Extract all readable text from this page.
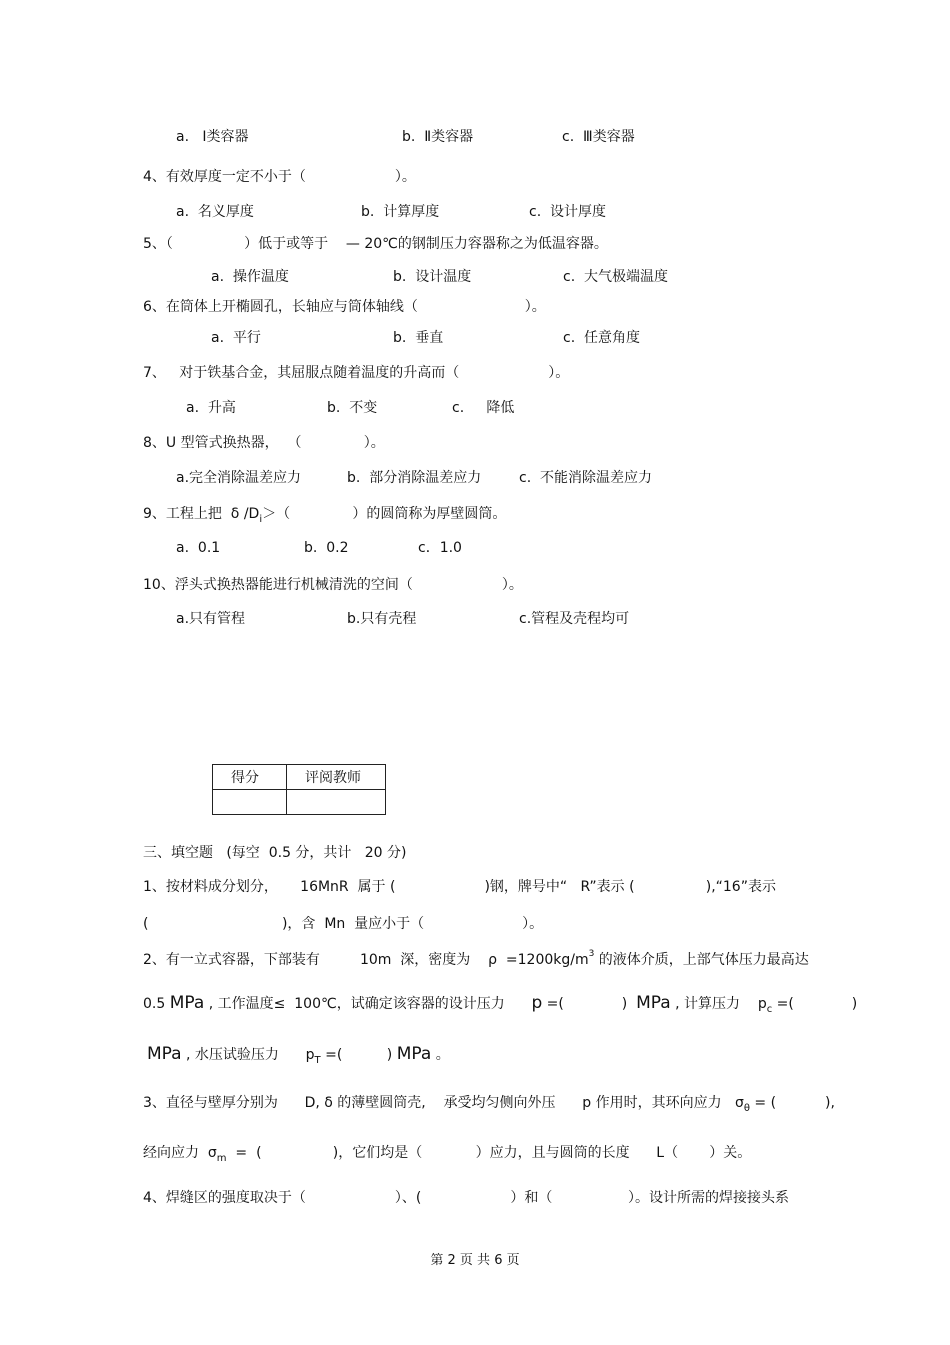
a.   Ⅰ类容器	b.  Ⅱ类容器	c.  Ⅲ类容器
4、有效厚度一定不小于（                    ）。
a.  名义厚度	b.  计算厚度	c.  设计厚度
5、（                ）低于或等于    — 20℃的钢制压力容器称之为低温容器。
a.  操作温度	b.  设计温度	c.  大气极端温度
6、在筒体上开椭圆孔，长轴应与筒体轴线（                        ）。
a.  平行	b.  垂直	c.  任意角度
7、   对于铁基合金，其屈服点随着温度的升高而（                    ）。
a.  升高	b.  不变	c.     降低
8、U 型管式换热器，  （              ）。
a.完全消除温差应力	b.  部分消除温差应力	c.  不能消除温差应力
9、工程上把  δ $/D_i>$（              ）的圆筒称为厚壁圆筒。
a.  0.1	b.  0.2	c．1.0
10、浮头式换热器能进行机械清洗的空间（                    ）。
a.只有管程	b.只有壳程	c.管程及壳程均可
得分	评阅教师

三、填空题   (每空  0.5 分，共计   20 分)
1、按材料成分划分，     16MnR  属于 (                    )钢，牌号中“   R”表示 (                ),“16”表示
(                              )，含  Mn  量应小于（                      ）。
2、有一立式容器，下部装有         10m  深，密度为    $\rho =1200kg/m^3$ 的液体介质，上部气体压力最高达
0.5 MPa , 工作温度≤  100℃，试确定该容器的设计压力      p =(             )  MPa , 计算压力    $p_c$ =(             )
MPa , 水压试验压力      $p_T$ =(          ) MPa 。
3、直径与壁厚分别为      D, δ 的薄壁圆筒壳,    承受均匀侧向外压      p 作用时，其环向应力   $\sigma_\theta$ = (           ),
经向应力  $\sigma_m$  =  (                )，它们均是（            ）应力，且与圆筒的长度      L（       ）关。
4、焊缝区的强度取决于（                    ）、(                    ）和（                 ）。设计所需的焊接接头系
第 2 页 共 6 页
